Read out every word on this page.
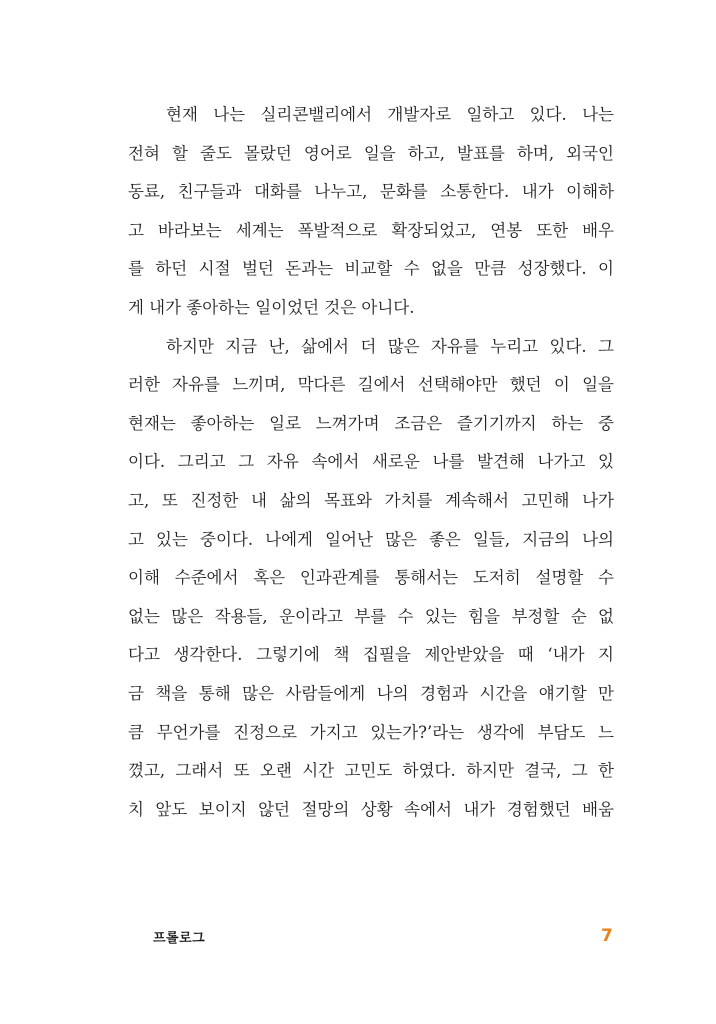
현재 나는 실리콘밸리에서 개발자로 일하고 있다. 나는
전혀 할 줄도 몰랐던 영어로 일을 하고, 발표를 하며, 외국인
동료, 친구들과 대화를 나누고, 문화를 소통한다. 내가 이해하
고 바라보는 세계는 폭발적으로 확장되었고, 연봉 또한 배우
를 하던 시절 벌던 돈과는 비교할 수 없을 만큼 성장했다. 이
게 내가 좋아하는 일이었던 것은 아니다.

하지만 지금 난, 삶에서 더 많은 자유를 누리고 있다. 그
러한 자유를 느끼며, 막다른 길에서 선택해야만 했던 이 일을
현재는 좋아하는 일로 느껴가며 조금은 즐기기까지 하는 중
이다. 그리고 그 자유 속에서 새로운 나를 발견해 나가고 있
고, 또 진정한 내 삶의 목표와 가치를 계속해서 고민해 나가
고 있는 중이다. 나에게 일어난 많은 좋은 일들, 지금의 나의
이해 수준에서 혹은 인과관계를 통해서는 도저히 설명할 수
없는 많은 작용들, 운이라고 부를 수 있는 힘을 부정할 순 없
다고 생각한다. 그렇기에 책 집필을 제안받았을 때 ‘내가 지
금 책을 통해 많은 사람들에게 나의 경험과 시간을 얘기할 만
큼 무언가를 진정으로 가지고 있는가?’라는 생각에 부담도 느
꼈고, 그래서 또 오랜 시간 고민도 하였다. 하지만 결국, 그 한
치 앞도 보이지 않던 절망의 상황 속에서 내가 경험했던 배움

프롤로그	7
